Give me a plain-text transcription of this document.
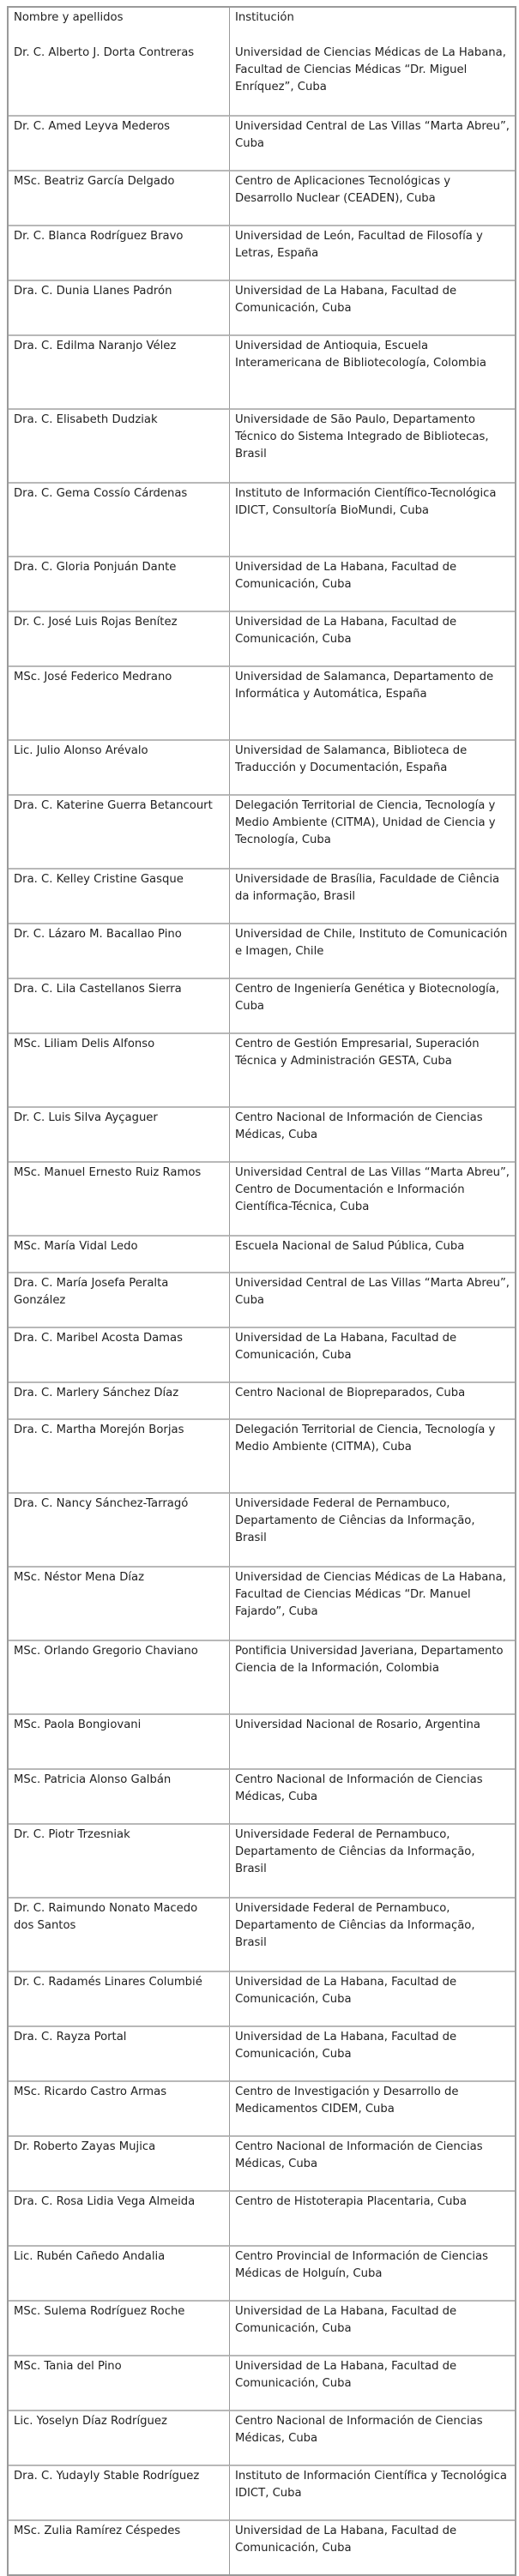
Nombre y apellidos	Institución
Dr. C. Alberto J. Dorta Contreras	Universidad de Ciencias Médicas de La Habana, Facultad de Ciencias Médicas “Dr. Miguel Enríquez”, Cuba
Dr. C. Amed Leyva Mederos	Universidad Central de Las Villas “Marta Abreu”, Cuba
MSc. Beatriz García Delgado	Centro de Aplicaciones Tecnológicas y Desarrollo Nuclear (CEADEN), Cuba
Dr. C. Blanca Rodríguez Bravo	Universidad de León, Facultad de Filosofía y Letras, España
Dra. C. Dunia Llanes Padrón	Universidad de La Habana, Facultad de Comunicación, Cuba
Dra. C. Edilma Naranjo Vélez	Universidad de Antioquia, Escuela Interamericana de Bibliotecología, Colombia
Dra. C. Elisabeth Dudziak	Universidade de São Paulo, Departamento Técnico do Sistema Integrado de Bibliotecas, Brasil
Dra. C. Gema Cossío Cárdenas	Instituto de Información Científico-Tecnológica IDICT, Consultoría BioMundi, Cuba
Dra. C. Gloria Ponjuán Dante	Universidad de La Habana, Facultad de Comunicación, Cuba
Dr. C. José Luis Rojas Benítez	Universidad de La Habana, Facultad de Comunicación, Cuba
MSc. José Federico Medrano	Universidad de Salamanca, Departamento de Informática y Automática, España
Lic. Julio Alonso Arévalo	Universidad de Salamanca, Biblioteca de Traducción y Documentación, España
Dra. C. Katerine Guerra Betancourt	Delegación Territorial de Ciencia, Tecnología y Medio Ambiente (CITMA), Unidad de Ciencia y Tecnología, Cuba
Dra. C. Kelley Cristine Gasque	Universidade de Brasília, Faculdade de Ciência da informação, Brasil
Dr. C. Lázaro M. Bacallao Pino	Universidad de Chile, Instituto de Comunicación e Imagen, Chile
Dra. C. Lila Castellanos Sierra	Centro de Ingeniería Genética y Biotecnología, Cuba
MSc. Liliam Delis Alfonso	Centro de Gestión Empresarial, Superación Técnica y Administración GESTA, Cuba
Dr. C. Luis Silva Ayçaguer	Centro Nacional de Información de Ciencias Médicas, Cuba
MSc. Manuel Ernesto Ruiz Ramos	Universidad Central de Las Villas “Marta Abreu”, Centro de Documentación e Información Científica-Técnica, Cuba
MSc. María Vidal Ledo	Escuela Nacional de Salud Pública, Cuba
Dra. C. María Josefa Peralta González	Universidad Central de Las Villas “Marta Abreu”, Cuba
Dra. C. Maribel Acosta Damas	Universidad de La Habana, Facultad de Comunicación, Cuba
Dra. C. Marlery Sánchez Díaz	Centro Nacional de Biopreparados, Cuba
Dra. C. Martha Morejón Borjas	Delegación Territorial de Ciencia, Tecnología y Medio Ambiente (CITMA), Cuba
Dra. C. Nancy Sánchez-Tarragó	Universidade Federal de Pernambuco, Departamento de Ciências da Informação, Brasil
MSc. Néstor Mena Díaz	Universidad de Ciencias Médicas de La Habana, Facultad de Ciencias Médicas “Dr. Manuel Fajardo”, Cuba
MSc. Orlando Gregorio Chaviano	Pontificia Universidad Javeriana, Departamento Ciencia de la Información, Colombia
MSc. Paola Bongiovani	Universidad Nacional de Rosario, Argentina
MSc. Patricia Alonso Galbán	Centro Nacional de Información de Ciencias Médicas, Cuba
Dr. C. Piotr Trzesniak	Universidade Federal de Pernambuco, Departamento de Ciências da Informação, Brasil
Dr. C. Raimundo Nonato Macedo dos Santos	Universidade Federal de Pernambuco, Departamento de Ciências da Informação, Brasil
Dr. C. Radamés Linares Columbié	Universidad de La Habana, Facultad de Comunicación, Cuba
Dra. C. Rayza Portal	Universidad de La Habana, Facultad de Comunicación, Cuba
MSc. Ricardo Castro Armas	Centro de Investigación y Desarrollo de Medicamentos CIDEM, Cuba
Dr. Roberto Zayas Mujica	Centro Nacional de Información de Ciencias Médicas, Cuba
Dra. C. Rosa Lidia Vega Almeida	Centro de Histoterapia Placentaria, Cuba
Lic. Rubén Cañedo Andalia	Centro Provincial de Información de Ciencias Médicas de Holguín, Cuba
MSc. Sulema Rodríguez Roche	Universidad de La Habana, Facultad de Comunicación, Cuba
MSc. Tania del Pino	Universidad de La Habana, Facultad de Comunicación, Cuba
Lic. Yoselyn Díaz Rodríguez	Centro Nacional de Información de Ciencias Médicas, Cuba
Dra. C. Yudayly Stable Rodríguez	Instituto de Información Científica y Tecnológica IDICT, Cuba
MSc. Zulia Ramírez Céspedes	Universidad de La Habana, Facultad de Comunicación, Cuba
